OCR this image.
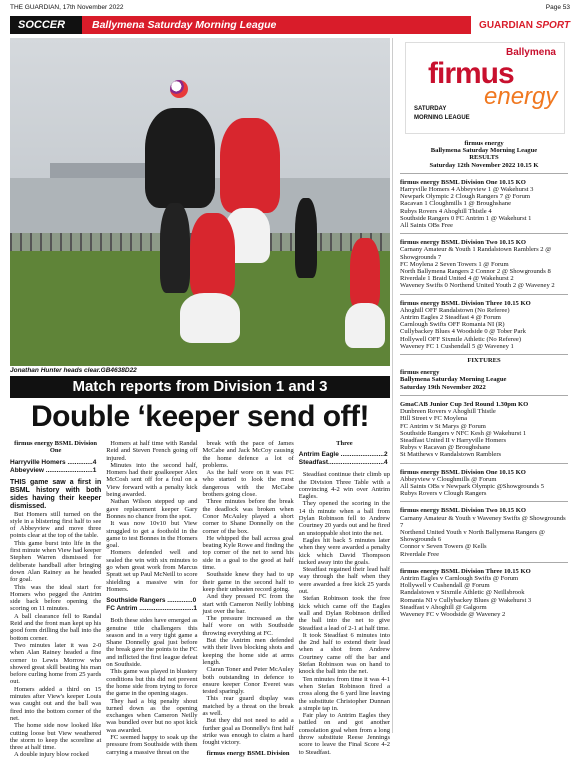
THE GUARDIAN, 17th November 2022	Page 53
SOCCER	Ballymena Saturday Morning League	GUARDIAN SPORT
Jonathan Hunter heads clear.GB4638D22
Ballymena
firmus
energy
SATURDAY
MORNING LEAGUE

firmus energy

Ballymena Saturday Morning League

RESULTS

Saturday 12th November 2022 10.15 K

firmus energy BSML Division One 10.15 KO

Harryville Homers 4 Abbeyview 1 @ Wakehurst 3

Newpark Olympic 2 Clough Rangers 7 @ Forum

Racavan 1 Cloughmills 1 @ Broughshane

Rubys Rovers 4 Ahoghill Thistle 4

Southside Rangers 0 FC Antrim 1 @ Wakehurst 1

All Saints OBs Free

firmus energy BSML Division Two 10.15 KO

Carnany Amateur & Youth 1 Randalstown Ramblers 2 @ Showgrounds 7

FC Moylena 2 Seven Towers 1 @ Forum

North Ballymena Rangers 2 Connor 2 @ Showgrounds 8

Riverdale 1 Braid United 4 @ Wakehurst 2

Waveney Swifts 0 Northend United Youth 2 @ Waveney 2

firmus energy BSML Division Three 10.15 KO

Ahoghill OFF Randalstown (No Referee)

Antrim Eagles 2 Steadfast 4 @ Forum

Carnlough Swifts OFF Romania NI (R)

Cullybackey Blues 4 Woodside 0 @ Tober Park

Hollywell OFF Sixmile Athletic (No Referee)

Waveney FC 1 Cushendall 5 @ Waveney 1

FIXTURES

firmus energy

Ballymena Saturday Morning League

Saturday 19th November 2022

GmaCAB Junior Cup 3rd Round 1.30pm KO

Dunbreen Rovers v Ahoghill Thistle

Hill Street v FC Moylena

FC Antrim v St Marys @ Forum

Southside Rangers v NFC Kesh @ Wakehurst 1

Steadfast United II v Harryville Homers

Rubys v Racavan @ Broughshane

St Matthews v Randalstown Ramblers

firmus energy BSML Division One 10.15 KO

Abbeyview v Cloughmills @ Forum

All Saints OBs v Newpark Olympic @Showgrounds 5

Rubys Rovers v Clough Rangers

firmus energy BSML Division Two 10.15 KO

Carnany Amateur & Youth v Waveney Swifts @ Showgrounds 7

Northend United Youth v North Ballymena Rangers @ Showgrounds 6

Connor v Seven Towers @ Kells

Riverdale Free

firmus energy BSML Division Three 10.15 KO

Antrim Eagles v Carnlough Swifts @ Forum

Hollywell v Cushendall @ Forum

Randalstown v Sixmile Athletic @ Neillsbrook

Romania NI v Cullybackey Blues @ Wakehurst 3

Steadfast v Ahoghill @ Galgorm

Waveney FC v Woodside @ Waveney 2

Match reports from Division 1 and 3
Double ‘keeper send off!
firmus energy BSML Division One
Harryville Homers ..............4
Abbeyview ..........................1
THIS game saw a first in BSML history with both sides having their keeper dismissed.

But Homers still turned on the style in a blistering first half to see of Abbeyview and move three points clear at the top of the table.

This game burst into life in the first minute when View had keeper Stephen Warren dismissed for deliberate handball after bringing down Alan Rainey as he headed for goal.

This was the ideal start for Homers who pegged the Antrim side back before opening the scoring on 11 minutes.

A ball clearance fell to Randal Reid and the front man kept up his good form drilling the ball into the bottom corner.

Two minutes later it was 2-0 when Alan Rainey headed a fine corner to Lewis Morrow who showed great skill beating his man before curling home from 25 yards out.

Homers added a third on 15 minutes after View's keeper Louis was caught out and the ball was fired into the bottom corner of the net.

The home side now looked like cutting loose but View weathered the storm to keep the scoreline at three at half time.

A double injury blow rocked

Homers at half time with Randal Reid and Steven French going off injured.

Minutes into the second half, Homers had their goalkeeper Alex McCosh sent off for a foul on a View forward with a penalty kick being awarded.

Nathan Wilson stepped up and gave replacement keeper Gary Bonnes no chance from the spot.

It was now 10v10 but View struggled to get a foothold in the game to test Bonnes in the Homers goal.

Homers defended well and sealed the win with six minutes to go when great work from Marcus Spratt set up Paul McNeill to score shielding a massive win for Homers.

Southside Rangers ..............0
FC Antrim ..............................1

Both these sides have emerged as genuine title challengers this season and in a very tight game a Shane Donnelly goal just before the break gave the points to the FC and inflicted the first league defeat on Southside.

This game was played in blustery conditions but this did not prevent the home side from trying to force the game in the opening stages.

They had a big penalty shout turned down as the opening exchanges when Cameron Neilly was bundled over but no spot kick was awarded.

FC seemed happy to soak up the pressure from Southside with them carrying a massive threat on the

break with the pace of James McCabe and Jack McCoy causing the home defence a lot of problems.

As the half wore on it was FC who started to look the most dangerous with the McCabe brothers going close.

Three minutes before the break the deadlock was broken when Conor McAuley played a short corner to Shane Donnelly on the corner of the box.

He whipped the ball across goal beating Kyle Rowe and finding the top corner of the net to send his side in a goal to the good at half time.

Southside knew they had to up their game in the second half to keep their unbeaten record going.

And they pressed FC from the start with Cameron Neilly lobbing just over the bar.

The pressure increased as the half wore on with Southside throwing everything at FC.

But the Antrim men defended with their lives blocking shots and keeping the home side at arms length.

Ciaran Toner and Peter McAuley both outstanding in defence to ensure keeper Conor Everet was tested sparingly.

This rear guard display was matched by a threat on the break as well.

But they did not need to add a further goal as Donnelly's first half strike was enough to claim a hard fought victory.

firmus energy BSML Division
Three
Antrim Eagle ........................2
Steadfast...............................4

Steadfast continue their climb up the Division Three Table with a convincing 4-2 win over Antrim Eagles.

They opened the scoring in the 14 th minute when a ball from Dylan Robinson fell to Andrew Courtney 20 yards out and he fired an unstoppable shot into the net.

Eagles hit back 5 minutes later when they were awarded a penalty kick which David Thompson tucked away into the goals.

Steadfast regained their lead half way through the half when they were awarded a free kick 25 yards out.

Stefan Robinson took the free kick which came off the Eagles wall and Dylan Robinson drilled the ball into the net to give Steadfast a lead of 2-1 at half time.

It took Steadfast 6 minutes into the 2nd half to extend their lead when a shot from Andrew Courtney came off the bar and Stefan Robinson was on hand to knock the ball into the net.

Ten minutes from time it was 4-1 when Stefan Robinson fired a cross along the 6 yard line leaving the substitute Christopher Dunnan a simple tap in.

Fair play to Antrim Eagles they battled on and got another consolation goal when from a long throw substitute Reese Jennings score to leave the Final Score 4-2 to Steadfast.
